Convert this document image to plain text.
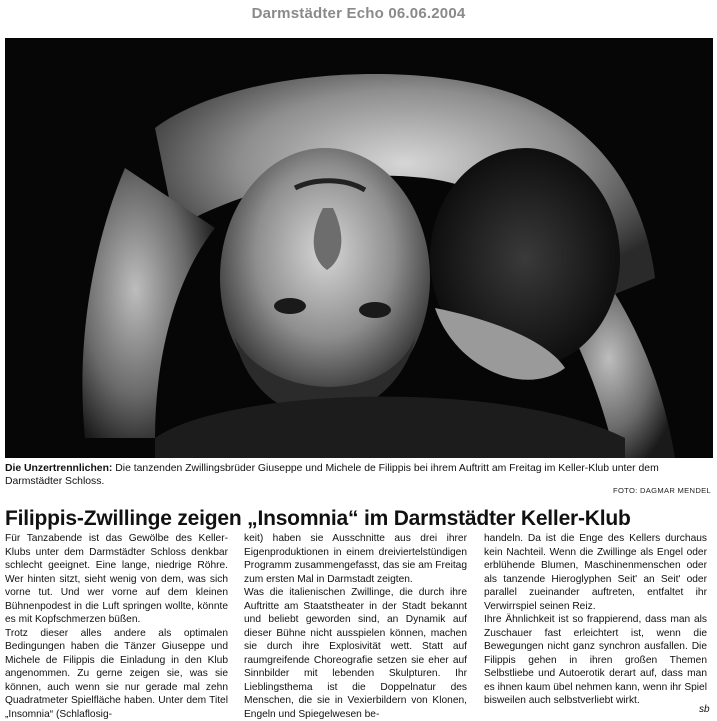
Darmstädter Echo 06.06.2004
Die Unzertrennlichen: Die tanzenden Zwillingsbrüder Giuseppe und Michele de Filippis bei ihrem Auftritt am Freitag im Keller-Klub unter dem Darmstädter Schloss.
FOTO: DAGMAR MENDEL
Filippis-Zwillinge zeigen „Insomnia“ im Darmstädter Keller-Klub

Für Tanzabende ist das Gewölbe des Keller-Klubs unter dem Darmstädter Schloss denkbar schlecht geeignet. Eine lange, niedrige Röhre. Wer hinten sitzt, sieht wenig von dem, was sich vorne tut. Und wer vorne auf dem kleinen Bühnenpodest in die Luft springen wollte, könnte es mit Kopfschmerzen büßen.

Trotz dieser alles andere als optimalen Bedingungen haben die Tänzer Giuseppe und Michele de Filippis die Einladung in den Klub angenommen. Zu gerne zeigen sie, was sie können, auch wenn sie nur gerade mal zehn Quadratmeter Spielfläche haben. Unter dem Titel „Insomnia“ (Schlaflosig-

keit) haben sie Ausschnitte aus drei ihrer Eigenproduktionen in einem dreiviertelstündigen Programm zusammengefasst, das sie am Freitag zum ersten Mal in Darmstadt zeigten.

Was die italienischen Zwillinge, die durch ihre Auftritte am Staatstheater in der Stadt bekannt und beliebt geworden sind, an Dynamik auf dieser Bühne nicht ausspielen können, machen sie durch ihre Explosivität wett. Statt auf raumgreifende Choreografie setzen sie eher auf Sinnbilder mit lebenden Skulpturen. Ihr Lieblingsthema ist die Doppelnatur des Menschen, die sie in Vexierbildern von Klonen, Engeln und Spiegelwesen be-

handeln. Da ist die Enge des Kellers durchaus kein Nachteil. Wenn die Zwillinge als Engel oder erblühende Blumen, Maschinenmenschen oder als tanzende Hieroglyphen Seit' an Seit' oder parallel zueinander auftreten, entfaltet ihr Verwirrspiel seinen Reiz.

Ihre Ähnlichkeit ist so frappierend, dass man als Zuschauer fast erleichtert ist, wenn die Bewegungen nicht ganz synchron ausfallen. Die Filippis gehen in ihren großen Themen Selbstliebe und Autoerotik derart auf, dass man es ihnen kaum übel nehmen kann, wenn ihr Spiel bisweilen auch selbstverliebt wirkt.

sb
